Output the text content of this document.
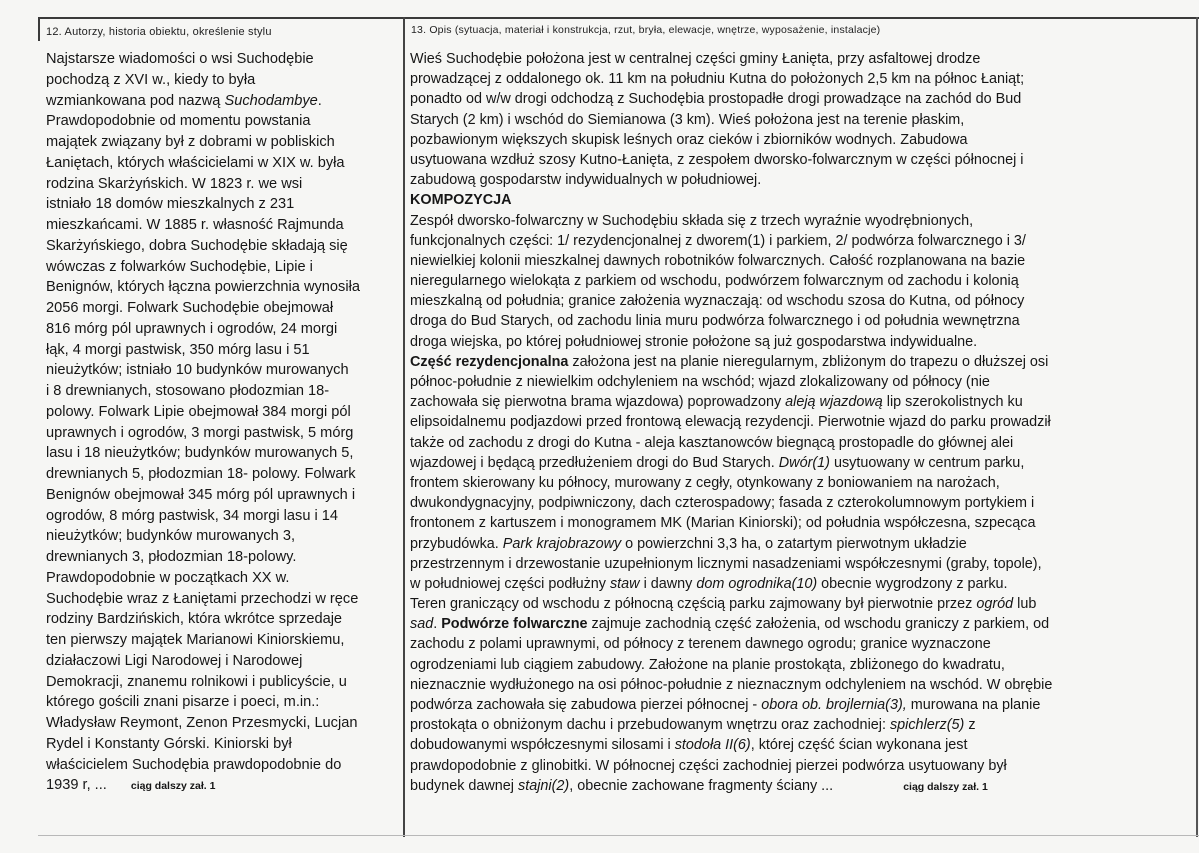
12. Autorzy, historia obiektu, określenie stylu	13. Opis (sytuacja, materiał i konstrukcja, rzut, bryła, elewacje, wnętrze, wyposażenie, instalacje)
Najstarsze wiadomości o wsi Suchodębie
pochodzą z XVI w., kiedy to była
wzmiankowana pod nazwą Suchodambye.
Prawdopodobnie od momentu powstania
majątek związany był z dobrami w pobliskich
Łaniętach, których właścicielami w XIX w. była
rodzina Skarżyńskich. W 1823 r. we wsi
istniało 18 domów mieszkalnych z 231
mieszkańcami. W 1885 r. własność Rajmunda
Skarżyńskiego, dobra Suchodębie składają się
wówczas z folwarków Suchodębie, Lipie i
Benignów, których łączna powierzchnia wynosiła
2056 morgi. Folwark Suchodębie obejmował
816 mórg pól uprawnych i ogrodów, 24 morgi
łąk, 4 morgi pastwisk, 350 mórg lasu i 51
nieużytków; istniało 10 budynków murowanych
i 8 drewnianych, stosowano płodozmian 18-
polowy. Folwark Lipie obejmował 384 morgi pól
uprawnych i ogrodów, 3 morgi pastwisk, 5 mórg
lasu i 18 nieużytków; budynków murowanych 5,
drewnianych 5, płodozmian 18- polowy. Folwark
Benignów obejmował 345 mórg pól uprawnych i
ogrodów, 8 mórg pastwisk, 34 morgi lasu i 14
nieużytków; budynków murowanych 3,
drewnianych 3, płodozmian 18-polowy.
Prawdopodobnie w początkach XX w.
Suchodębie wraz z Łaniętami przechodzi w ręce
rodziny Bardzińskich, która wkrótce sprzedaje
ten pierwszy majątek Marianowi Kiniorskiemu,
działaczowi Ligi Narodowej i Narodowej
Demokracji, znanemu rolnikowi i publicyście, u
którego gościli znani pisarze i poeci, m.in.:
Władysław Reymont, Zenon Przesmycki, Lucjan
Rydel i Konstanty Górski. Kiniorski był
właścicielem Suchodębia prawdopodobnie do
1939 r, ... ciąg dalszy zał. 1
Wieś Suchodębie położona jest w centralnej części gminy Łanięta, przy asfaltowej drodze
prowadzącej z oddalonego ok. 11 km na południu Kutna do położonych 2,5 km na północ Łaniąt;
ponadto od w/w drogi odchodzą z Suchodębia prostopadłe drogi prowadzące na zachód do Bud
Starych (2 km) i wschód do Siemianowa (3 km). Wieś położona jest na terenie płaskim,
pozbawionym większych skupisk leśnych oraz cieków i zbiorników wodnych. Zabudowa
usytuowana wzdłuż szosy Kutno-Łanięta, z zespołem dworsko-folwarcznym w części północnej i
zabudową gospodarstw indywidualnych w południowej.
KOMPOZYCJA
Zespół dworsko-folwarczny w Suchodębiu składa się z trzech wyraźnie wyodrębnionych,
funkcjonalnych części: 1/ rezydencjonalnej z dworem(1) i parkiem, 2/ podwórza folwarcznego i 3/
niewielkiej kolonii mieszkalnej dawnych robotników folwarcznych. Całość rozplanowana na bazie
nieregularnego wielokąta z parkiem od wschodu, podwórzem folwarcznym od zachodu i kolonią
mieszkalną od południa; granice założenia wyznaczają: od wschodu szosa do Kutna, od północy
droga do Bud Starych, od zachodu linia muru podwórza folwarcznego i od południa wewnętrzna
droga wiejska, po której południowej stronie położone są już gospodarstwa indywidualne.
Część rezydencjonalna założona jest na planie nieregularnym, zbliżonym do trapezu o dłuższej osi
północ-południe z niewielkim odchyleniem na wschód; wjazd zlokalizowany od północy (nie
zachowała się pierwotna brama wjazdowa) poprowadzony aleją wjazdową lip szerokolistnych ku
elipsoidalnemu podjazdowi przed frontową elewacją rezydencji. Pierwotnie wjazd do parku prowadził
także od zachodu z drogi do Kutna - aleja kasztanowców biegnącą prostopadle do głównej alei
wjazdowej i będącą przedłużeniem drogi do Bud Starych. Dwór(1) usytuowany w centrum parku,
frontem skierowany ku północy, murowany z cegły, otynkowany z boniowaniem na narożach,
dwukondygnacyjny, podpiwniczony, dach czterospadowy; fasada z czterokolumnowym portykiem i
frontonem z kartuszem i monogramem MK (Marian Kiniorski); od południa współczesna, szpecąca
przybudówka. Park krajobrazowy o powierzchni 3,3 ha, o zatartym pierwotnym układzie
przestrzennym i drzewostanie uzupełnionym licznymi nasadzeniami współczesnymi (graby, topole),
w południowej części podłużny staw i dawny dom ogrodnika(10) obecnie wygrodzony z parku.
Teren graniczący od wschodu z północną częścią parku zajmowany był pierwotnie przez ogród lub
sad. Podwórze folwarczne zajmuje zachodnią część założenia, od wschodu graniczy z parkiem, od
zachodu z polami uprawnymi, od północy z terenem dawnego ogrodu; granice wyznaczone
ogrodzeniami lub ciągiem zabudowy. Założone na planie prostokąta, zbliżonego do kwadratu,
nieznacznie wydłużonego na osi północ-południe z nieznacznym odchyleniem na wschód. W obrębie
podwórza zachowała się zabudowa pierzei północnej - obora ob. brojlernia(3), murowana na planie
prostokąta o obniżonym dachu i przebudowanym wnętrzu oraz zachodniej: spichlerz(5) z
dobudowanymi współczesnymi silosami i stodoła II(6), której część ścian wykonana jest
prawdopodobnie z glinobitki. W północnej części zachodniej pierzei podwórza usytuowany był
budynek dawnej stajni(2), obecnie zachowane fragmenty ściany ...	ciąg dalszy zał. 1
